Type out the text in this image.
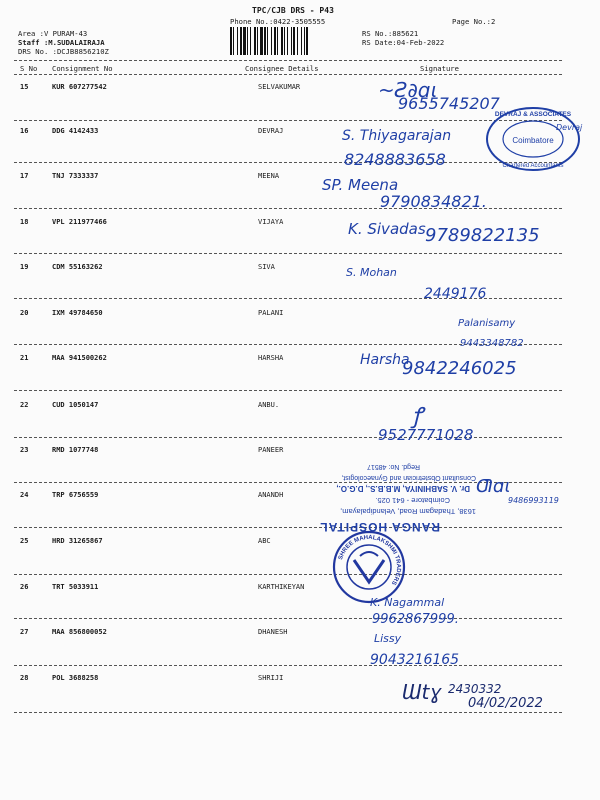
TPC/CJB DRS - P43
Phone No.:0422-3505555	Page No.:2
Area :V PURAM-43
Staff :M.SUDALAIRAJA
DRS No. :DCJB8856210Z
RS No.:885621
RS Date:04-Feb-2022
S No Consignment No	Consignee Details	Signature
15	KUR 607277542	SELVAKUMAR
16	DDG 4142433	DEVRAJ
17	TNJ 7333337	MEENA
18	VPL 211977466	VIJAYA
19	CDM 55163262	SIVA
20	IXM 49784650	PALANI
21	MAA 941500262	HARSHA
22	CUD 1050147	ANBU.
23	RMD 1077748	PANEER
24	TRP 6756559	ANANDH
25	HRD 31265867	ABC
26	TRT 5033911	KARTHIKEYAN
27	MAA 856800052	DHANESH
28	POL 3688258	SHRIJI
~Ƨ∂ɑɩ
9655745207
S. Thiyagarajan
8248883658
SP. Meena
9790834821.
K. Sivadas 9789822135
S. Mohan
2449176
Palanisamy
9443348782
Harsha
9842246025
ꝭ
9527771028
Ƣɑɩ
9486993119
K. Nagammal
9962867999.
Lissy
9043216165
Ɯtɣ 2430332
04/02/2022
Coimbatore
DEVRAJ & ASSOCIATES
Chartered Accountants
Devraj
RANGA HOSPITAL
1638, Thadagam Road, Velandipalayam,
Coimbatore - 641 025.
Dr. V. SABHINIYA, M.B.B.S., D.G.O.,
Consultant Obstetrician and Gynaecologist,
Regd. No: 48517
SHREE MAHALAKSHMI TRADERS
